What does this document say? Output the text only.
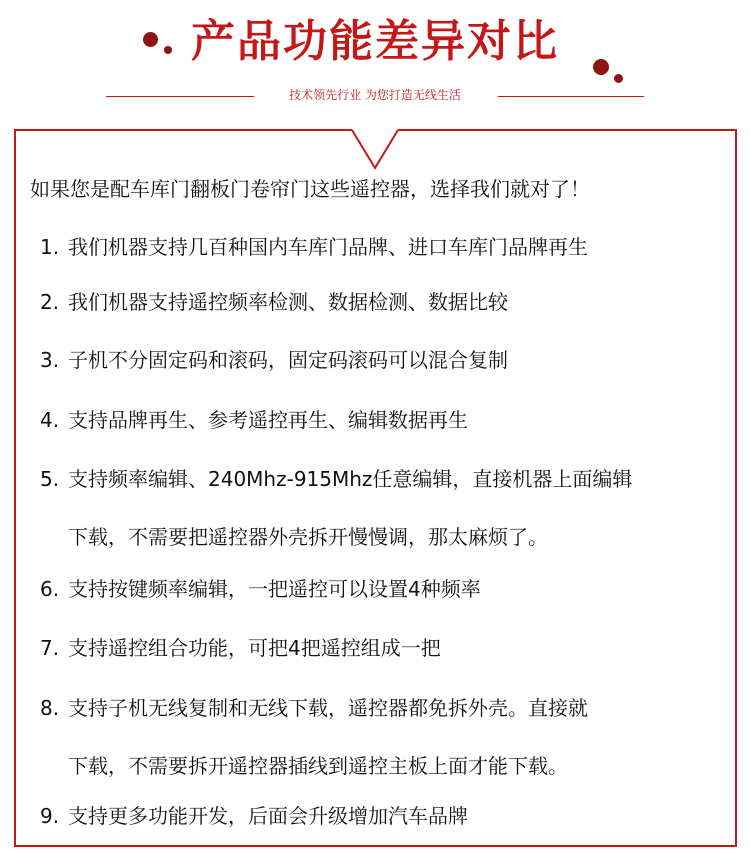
产品功能差异对比
技术领先行业 为您打造无线生活
如果您是配车库门翻板门卷帘门这些遥控器，选择我们就对了！
1. 我们机器支持几百种国内车库门品牌、进口车库门品牌再生
2. 我们机器支持遥控频率检测、数据检测、数据比较
3. 子机不分固定码和滚码，固定码滚码可以混合复制
4. 支持品牌再生、参考遥控再生、编辑数据再生
5. 支持频率编辑、240Mhz-915Mhz任意编辑，直接机器上面编辑
下载，不需要把遥控器外壳拆开慢慢调，那太麻烦了。
6. 支持按键频率编辑，一把遥控可以设置4种频率
7. 支持遥控组合功能，可把4把遥控组成一把
8. 支持子机无线复制和无线下载，遥控器都免拆外壳。直接就
下载，不需要拆开遥控器插线到遥控主板上面才能下载。
9. 支持更多功能开发，后面会升级增加汽车品牌
